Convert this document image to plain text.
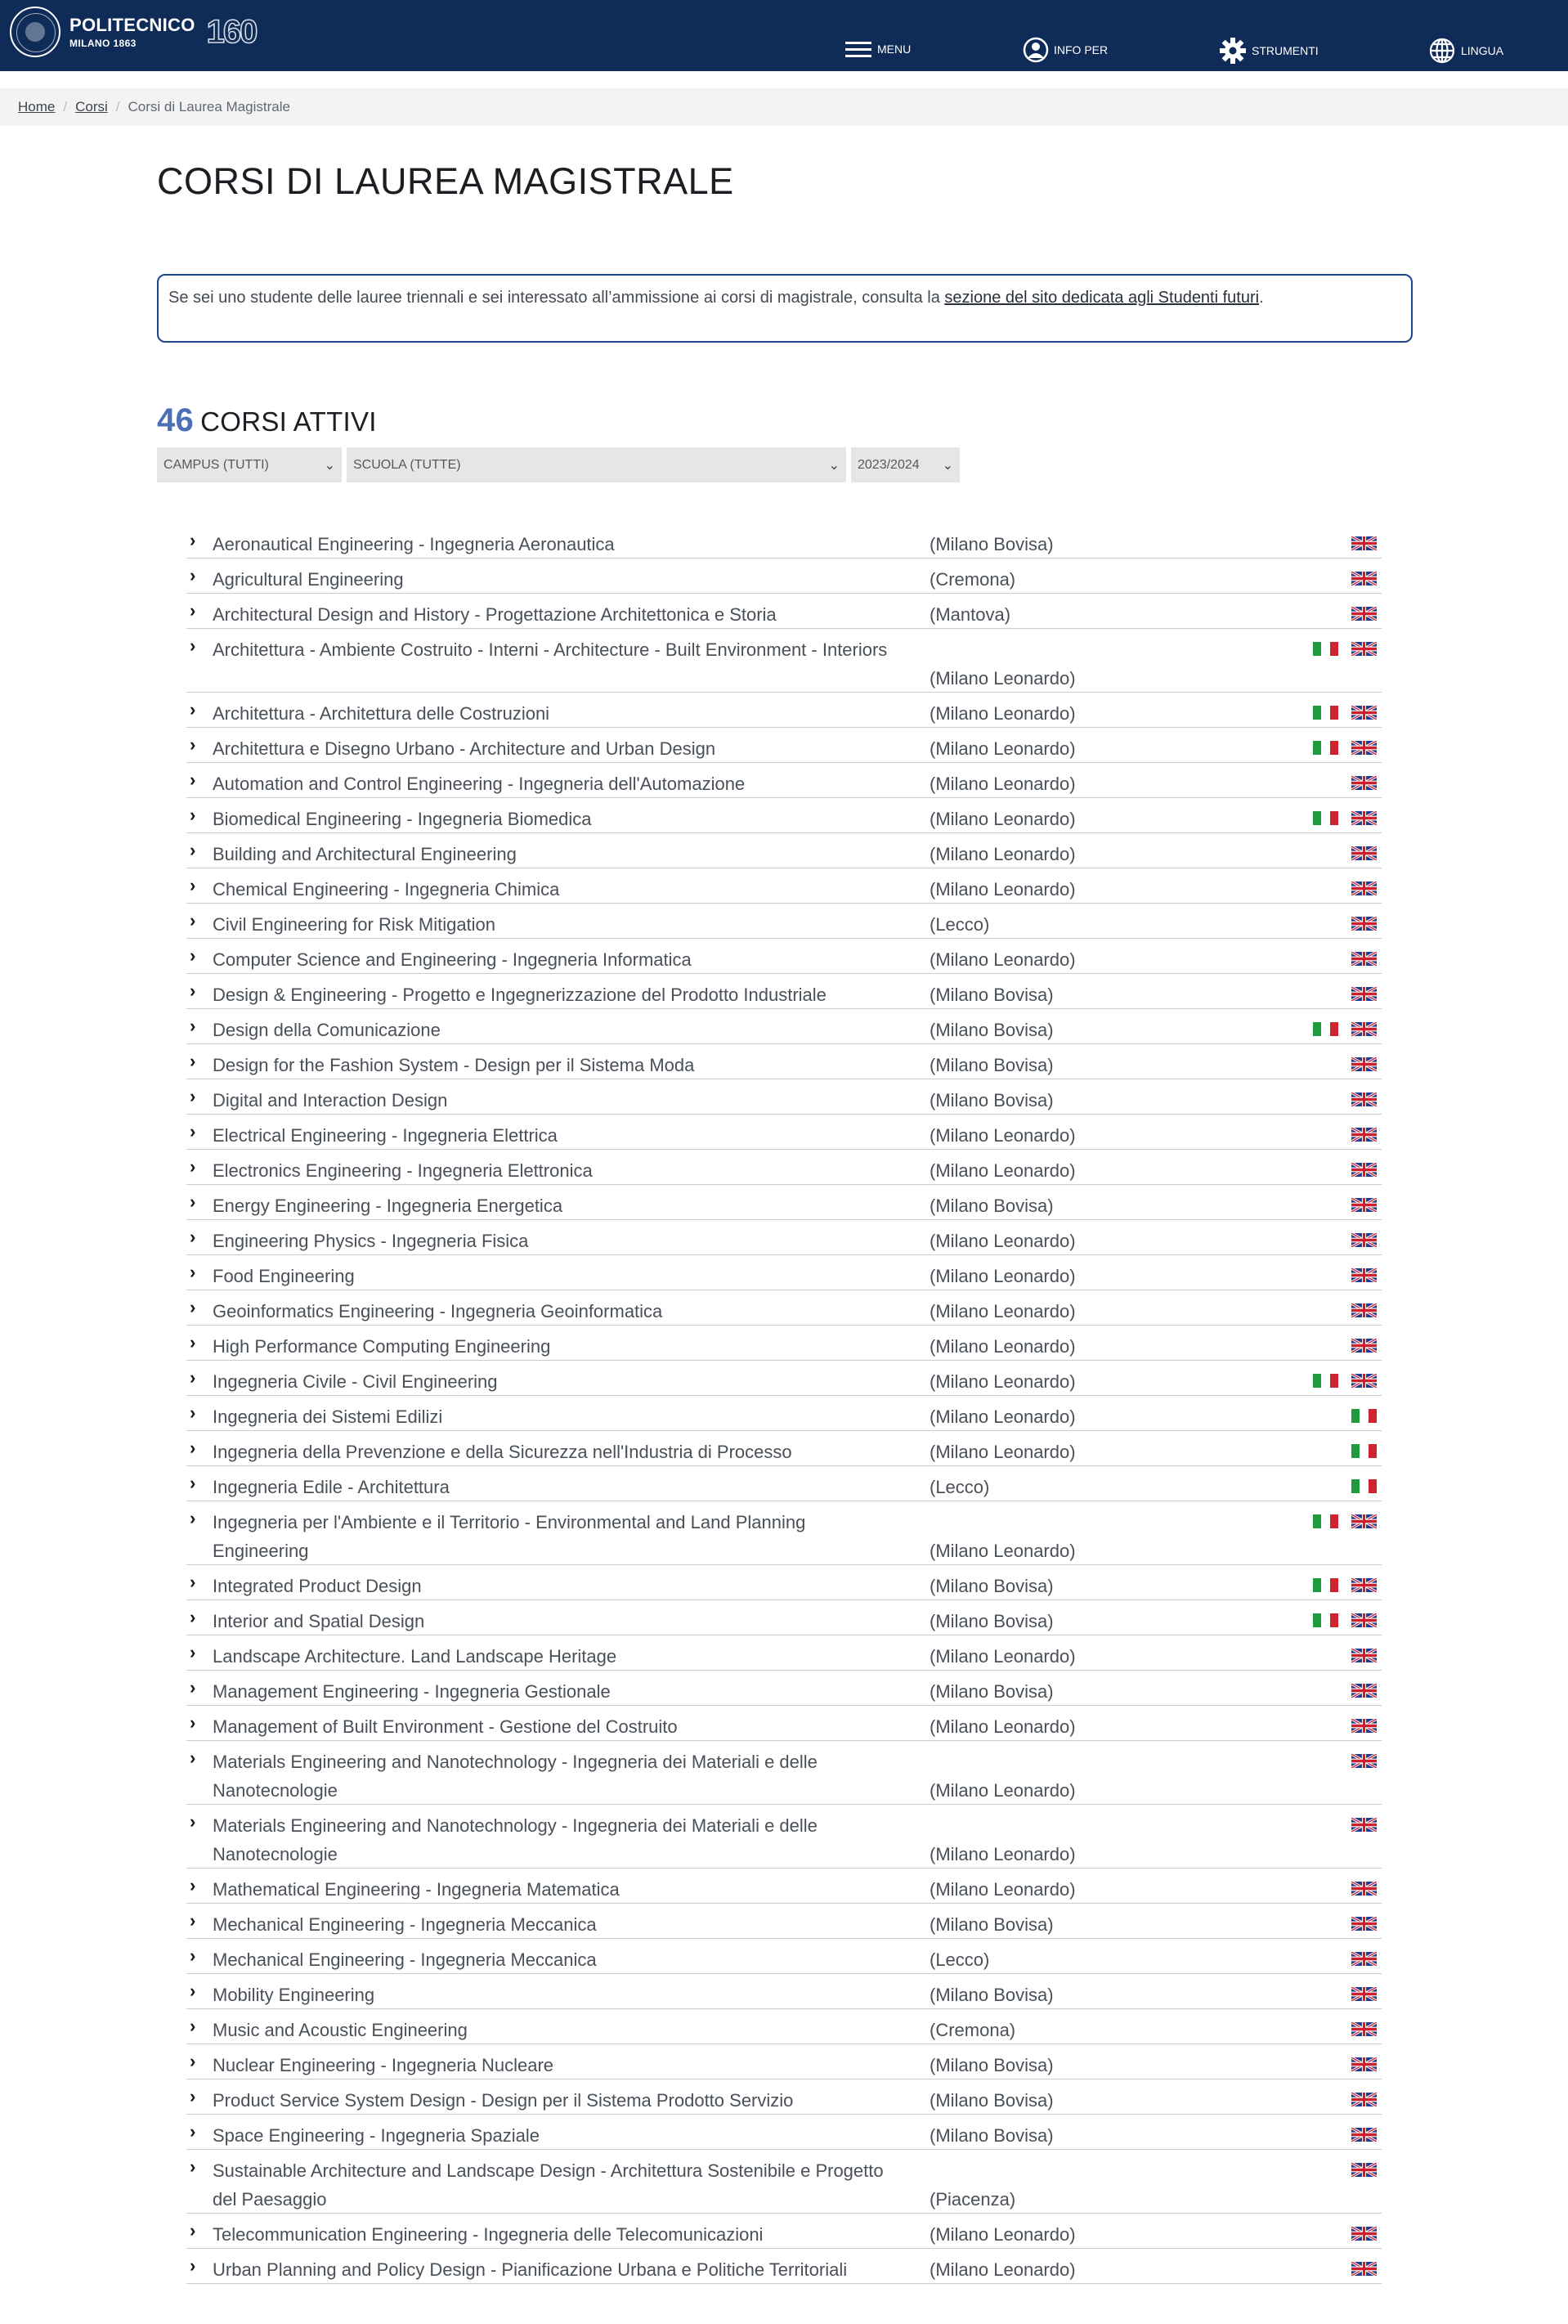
POLITECNICO
MILANO 1863	160	MENU	INFO PER	STRUMENTI	LINGUA
Home / Corsi / Corsi di Laurea Magistrale
CORSI DI LAUREA MAGISTRALE
Se sei uno studente delle lauree triennali e sei interessato all’ammissione ai corsi di magistrale, consulta la sezione del sito dedicata agli Studenti futuri.
46 CORSI ATTIVI
CAMPUS (TUTTI)	⌄ SCUOLA (TUTTE)	⌄ 2023/2024 ⌄
› Aeronautical Engineering - Ingegneria Aeronautica	(Milano Bovisa)
› Agricultural Engineering	(Cremona)
› Architectural Design and History - Progettazione Architettonica e Storia	(Mantova)
› Architettura - Ambiente Costruito - Interni - Architecture - Built Environment - Interiors
(Milano Leonardo)
› Architettura - Architettura delle Costruzioni	(Milano Leonardo)
› Architettura e Disegno Urbano - Architecture and Urban Design	(Milano Leonardo)
› Automation and Control Engineering - Ingegneria dell'Automazione	(Milano Leonardo)
› Biomedical Engineering - Ingegneria Biomedica	(Milano Leonardo)
› Building and Architectural Engineering	(Milano Leonardo)
› Chemical Engineering - Ingegneria Chimica	(Milano Leonardo)
› Civil Engineering for Risk Mitigation	(Lecco)
› Computer Science and Engineering - Ingegneria Informatica	(Milano Leonardo)
› Design & Engineering - Progetto e Ingegnerizzazione del Prodotto Industriale	(Milano Bovisa)
› Design della Comunicazione	(Milano Bovisa)
› Design for the Fashion System - Design per il Sistema Moda	(Milano Bovisa)
› Digital and Interaction Design	(Milano Bovisa)
› Electrical Engineering - Ingegneria Elettrica	(Milano Leonardo)
› Electronics Engineering - Ingegneria Elettronica	(Milano Leonardo)
› Energy Engineering - Ingegneria Energetica	(Milano Bovisa)
› Engineering Physics - Ingegneria Fisica	(Milano Leonardo)
› Food Engineering	(Milano Leonardo)
› Geoinformatics Engineering - Ingegneria Geoinformatica	(Milano Leonardo)
› High Performance Computing Engineering	(Milano Leonardo)
› Ingegneria Civile - Civil Engineering	(Milano Leonardo)
› Ingegneria dei Sistemi Edilizi	(Milano Leonardo)
› Ingegneria della Prevenzione e della Sicurezza nell'Industria di Processo	(Milano Leonardo)
› Ingegneria Edile - Architettura	(Lecco)
› Ingegneria per l'Ambiente e il Territorio - Environmental and Land Planning Engineering	(Milano Leonardo)
› Integrated Product Design	(Milano Bovisa)
› Interior and Spatial Design	(Milano Bovisa)
› Landscape Architecture. Land Landscape Heritage	(Milano Leonardo)
› Management Engineering - Ingegneria Gestionale	(Milano Bovisa)
› Management of Built Environment - Gestione del Costruito	(Milano Leonardo)
› Materials Engineering and Nanotechnology - Ingegneria dei Materiali e delle Nanotecnologie	(Milano Leonardo)
› Materials Engineering and Nanotechnology - Ingegneria dei Materiali e delle Nanotecnologie	(Milano Leonardo)
› Mathematical Engineering - Ingegneria Matematica	(Milano Leonardo)
› Mechanical Engineering - Ingegneria Meccanica	(Milano Bovisa)
› Mechanical Engineering - Ingegneria Meccanica	(Lecco)
› Mobility Engineering	(Milano Bovisa)
› Music and Acoustic Engineering	(Cremona)
› Nuclear Engineering - Ingegneria Nucleare	(Milano Bovisa)
› Product Service System Design - Design per il Sistema Prodotto Servizio	(Milano Bovisa)
› Space Engineering - Ingegneria Spaziale	(Milano Bovisa)
› Sustainable Architecture and Landscape Design - Architettura Sostenibile e Progetto del Paesaggio	(Piacenza)
› Telecommunication Engineering - Ingegneria delle Telecomunicazioni	(Milano Leonardo)
› Urban Planning and Policy Design - Pianificazione Urbana e Politiche Territoriali	(Milano Leonardo)
